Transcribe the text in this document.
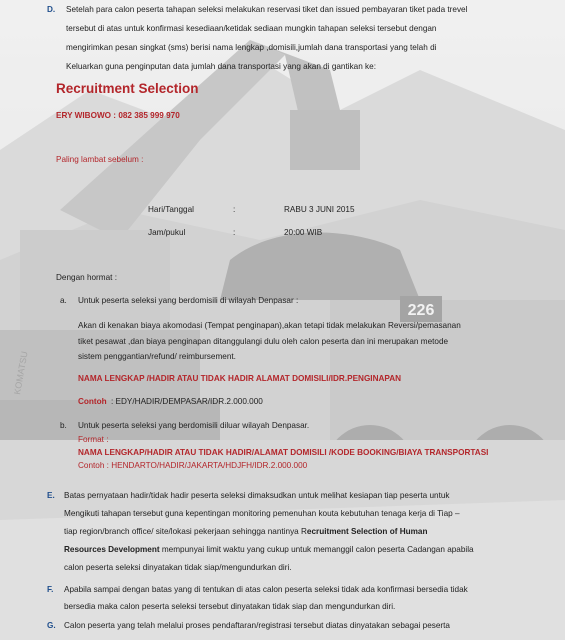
226
KOMATSU
D. Setelah para calon peserta tahapan seleksi melakukan reservasi tiket dan issued pembayaran tiket pada trevel
tersebut di atas untuk konfirmasi kesediaan/ketidak sediaan mungkin tahapan seleksi tersebut dengan
mengirimkan pesan singkat (sms) berisi nama lengkap ,domisili,jumlah dana transportasi yang telah di
Keluarkan guna penginputan data jumlah dana transportasi yang akan di gantikan ke:
Recruitment Selection
ERY WIBOWO : 082 385 999 970
Paling lambat sebelum :
Hari/Tanggal	:	RABU 3 JUNI 2015
Jam/pukul	:	20:00 WIB
Dengan hormat :
a. Untuk peserta seleksi yang berdomisili di wilayah Denpasar :
Akan di kenakan biaya akomodasi (Tempat penginapan),akan tetapi tidak melakukan Reversi/pemasanan
tiket pesawat ,dan biaya penginapan ditanggulangi dulu oleh calon peserta dan ini merupakan metode
sistem penggantian/refund/ reimbursement.
NAMA LENGKAP /HADIR ATAU TIDAK HADIR ALAMAT DOMISILI/IDR.PENGINAPAN
Contoh : EDY/HADIR/DEMPASAR/IDR.2.000.000
b. Untuk peserta seleksi yang berdomisili diluar wilayah Denpasar.
Format :
NAMA LENGKAP/HADIR ATAU TIDAK HADIR/ALAMAT DOMISILI /KODE BOOKING/BIAYA TRANSPORTASI
Contoh : HENDARTO/HADIR/JAKARTA/HDJFH/IDR.2.000.000
E. Batas pernyataan hadir/tidak hadir peserta seleksi dimaksudkan untuk melihat kesiapan tiap peserta untuk
Mengikuti tahapan tersebut guna kepentingan monitoring pemenuhan kouta kebutuhan tenaga kerja di Tiap –
tiap region/branch office/ site/lokasi pekerjaan sehingga nantinya Recruitment Selection of Human
Resources Development mempunyai limit waktu yang cukup untuk memanggil calon peserta Cadangan apabila
calon peserta seleksi dinyatakan tidak siap/mengundurkan diri.
F. Apabila sampai dengan batas yang di tentukan di atas calon peserta seleksi tidak ada konfirmasi bersedia tidak
bersedia maka calon peserta seleksi tersebut dinyatakan tidak siap dan mengundurkan diri.
G. Calon peserta yang telah melalui proses pendaftaran/registrasi tersebut diatas dinyatakan sebagai peserta
